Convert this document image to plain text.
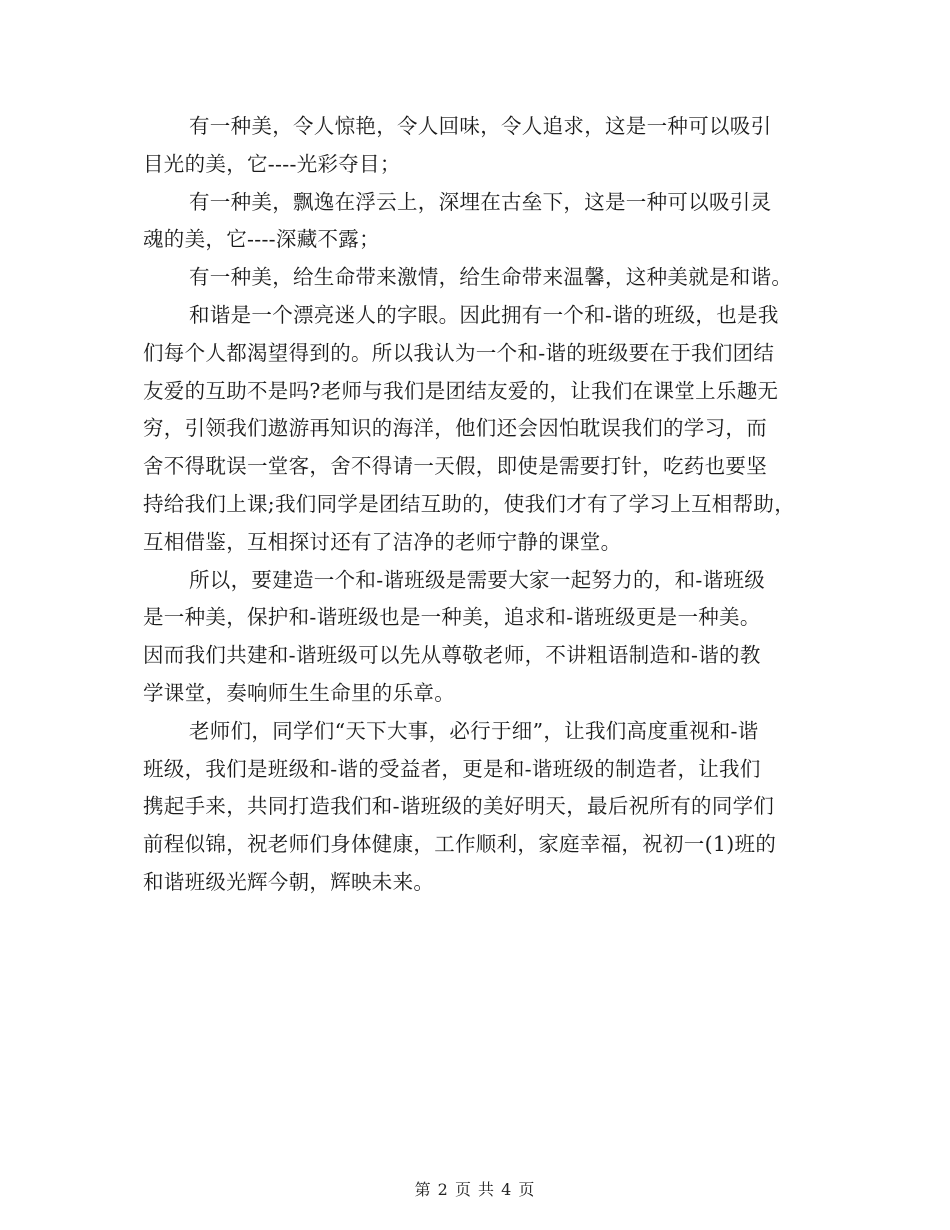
有一种美，令人惊艳，令人回味，令人追求，这是一种可以吸引
目光的美，它----光彩夺目；
有一种美，飘逸在浮云上，深埋在古垒下，这是一种可以吸引灵
魂的美，它----深藏不露；
有一种美，给生命带来激情，给生命带来温馨，这种美就是和谐。
和谐是一个漂亮迷人的字眼。因此拥有一个和-谐的班级，也是我
们每个人都渴望得到的。所以我认为一个和-谐的班级要在于我们团结
友爱的互助不是吗?老师与我们是团结友爱的，让我们在课堂上乐趣无
穷，引领我们遨游再知识的海洋，他们还会因怕耽误我们的学习，而
舍不得耽误一堂客，舍不得请一天假，即使是需要打针，吃药也要坚
持给我们上课;我们同学是团结互助的，使我们才有了学习上互相帮助，
互相借鉴，互相探讨还有了洁净的老师宁静的课堂。
所以，要建造一个和-谐班级是需要大家一起努力的，和-谐班级
是一种美，保护和-谐班级也是一种美，追求和-谐班级更是一种美。
因而我们共建和-谐班级可以先从尊敬老师，不讲粗语制造和-谐的教
学课堂，奏响师生生命里的乐章。
老师们，同学们“天下大事，必行于细”，让我们高度重视和-谐
班级，我们是班级和-谐的受益者，更是和-谐班级的制造者，让我们
携起手来，共同打造我们和-谐班级的美好明天，最后祝所有的同学们
前程似锦，祝老师们身体健康，工作顺利，家庭幸福，祝初一(1)班的
和谐班级光辉今朝，辉映未来。
第 2 页 共 4 页
